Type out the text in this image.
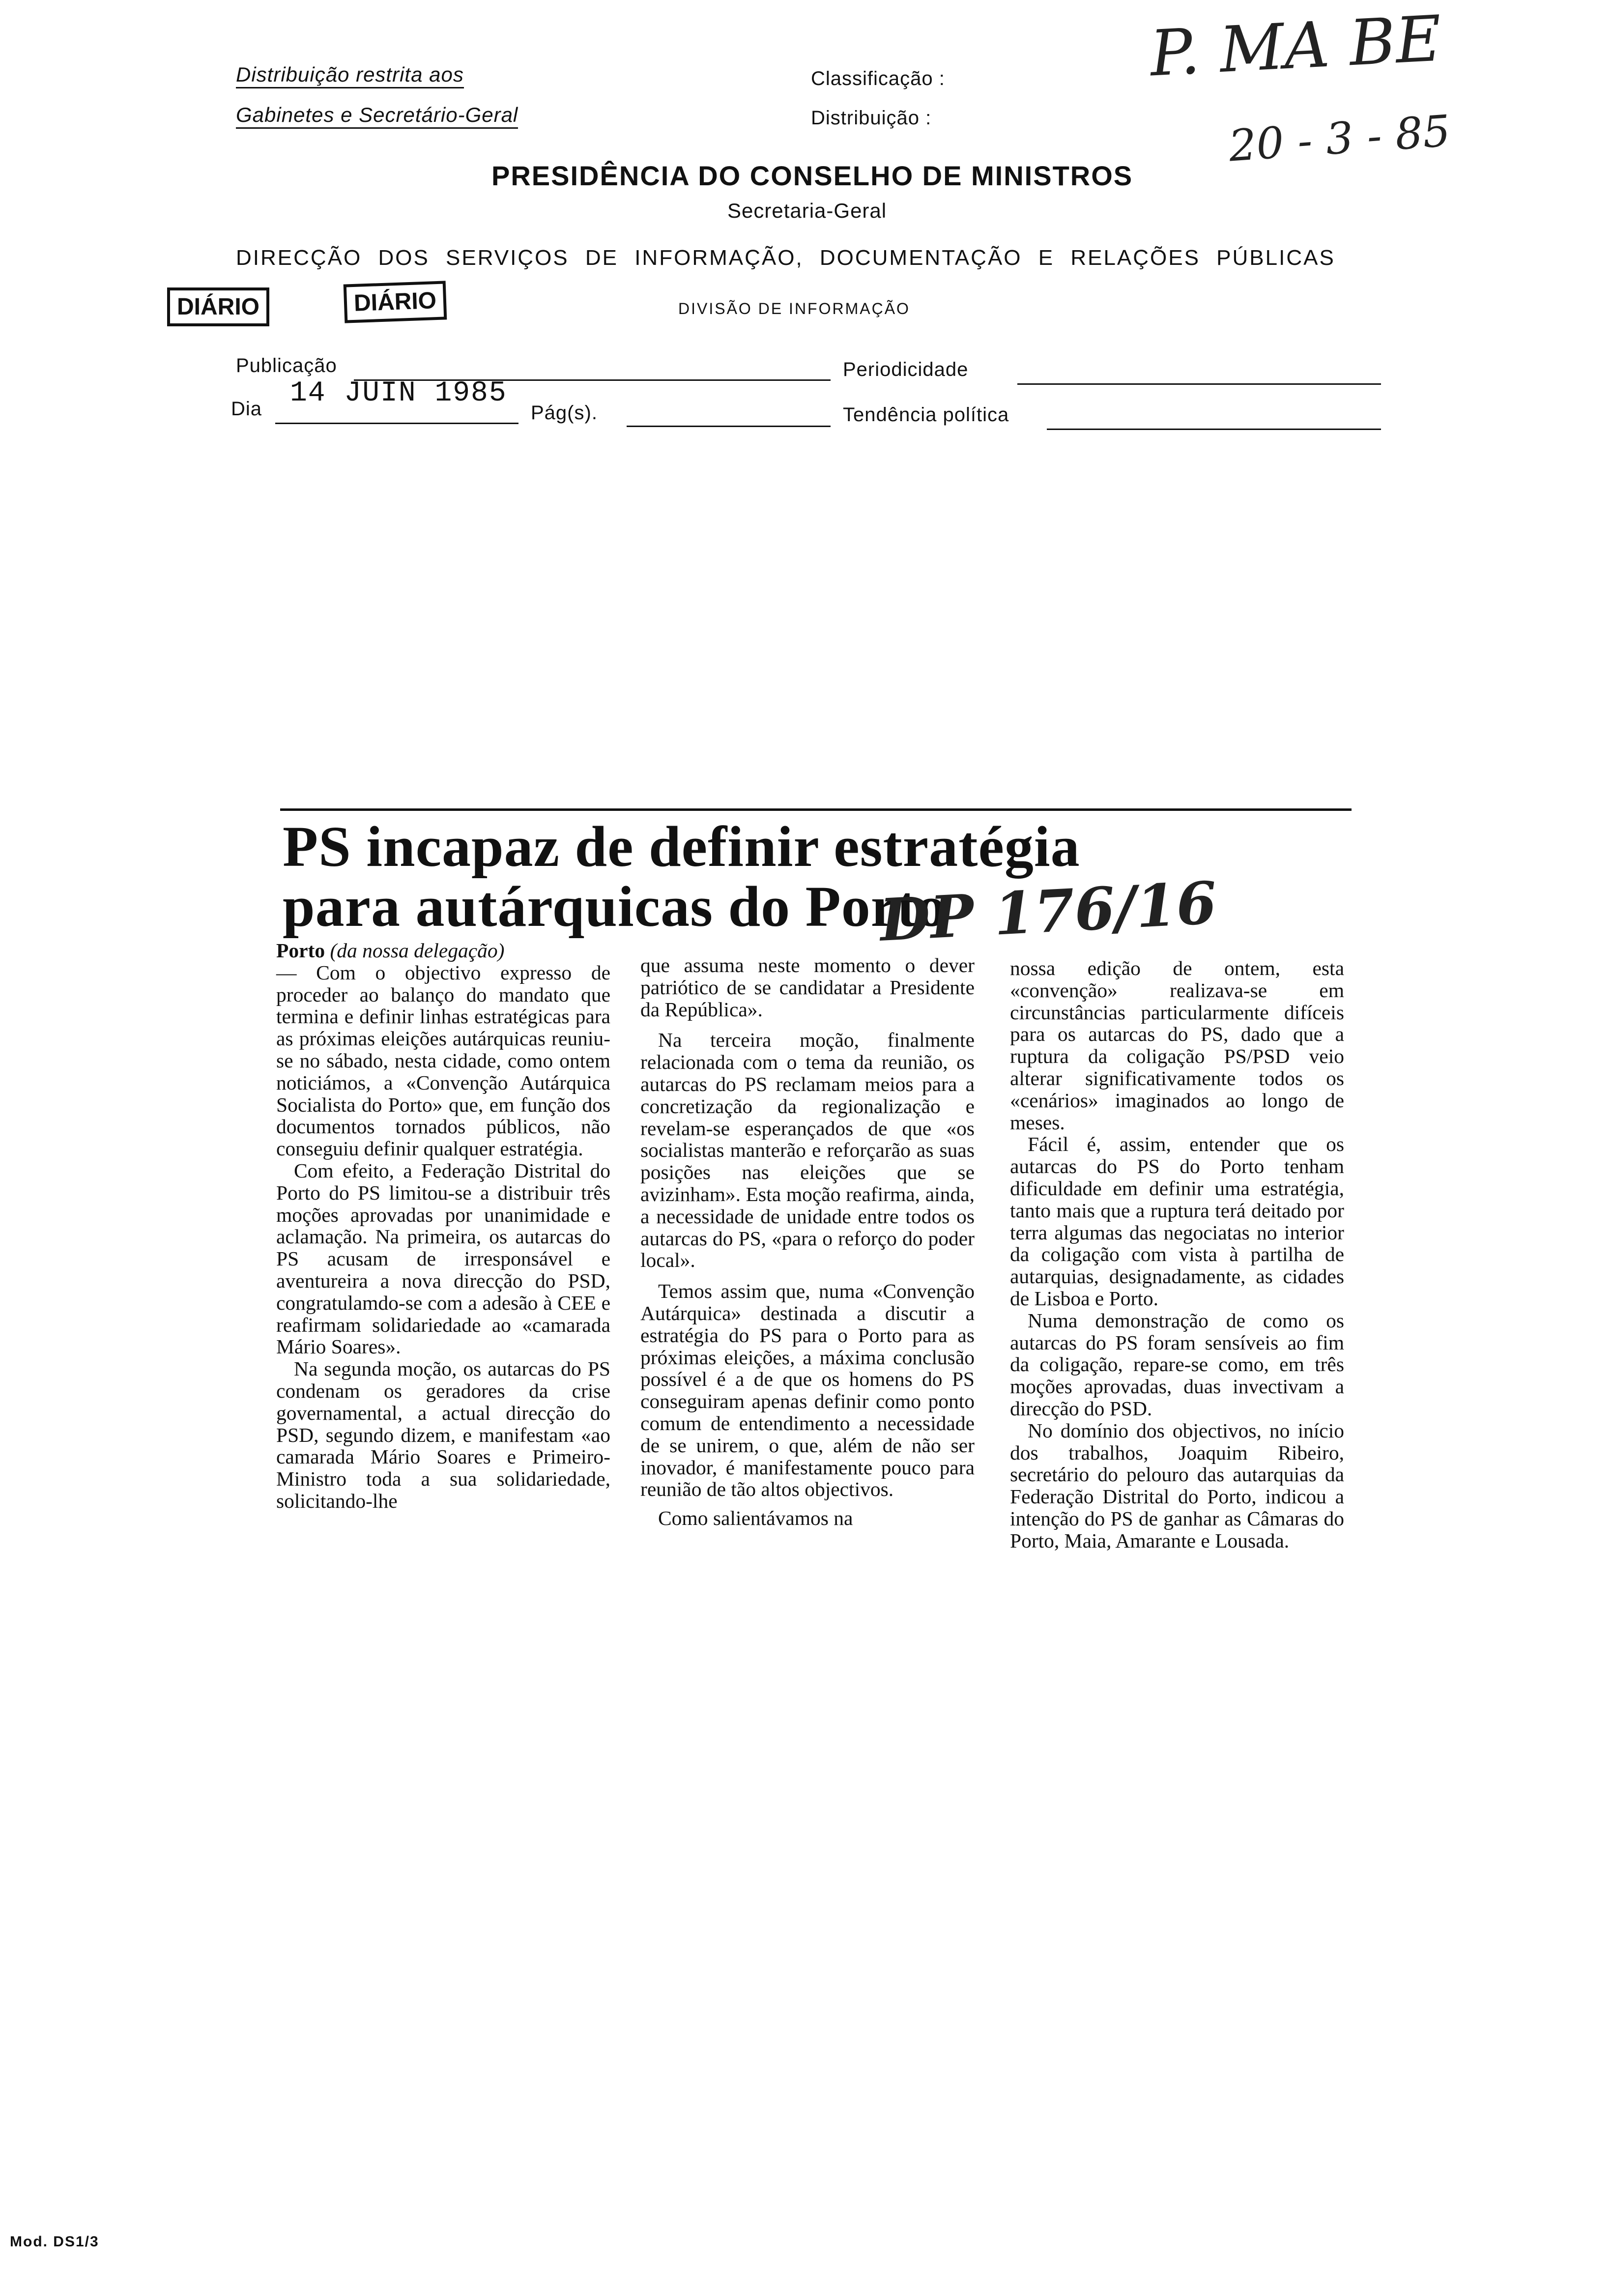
Distribuição restrita aos
Gabinetes e Secretário-Geral
Classificação :
Distribuição :
P. MA BE
20 - 3 - 85
PRESIDÊNCIA DO CONSELHO DE MINISTROS
Secretaria-Geral
DIRECÇÃO DOS SERVIÇOS DE INFORMAÇÃO, DOCUMENTAÇÃO E RELAÇÕES PÚBLICAS
DIÁRIO	DIÁRIO	DIVISÃO DE INFORMAÇÃO
Publicação	Periodicidade
Dia 14 JUIN 1985
Pág(s).	Tendência política
PS incapaz de definir estratégia
para autárquicas do Porto
DP 176/16

Porto (da nossa delegação)

— Com o objectivo expresso de proceder ao balanço do mandato que termina e definir linhas estratégicas para as próximas eleições autárquicas reuniu-se no sábado, nesta cidade, como ontem noticiámos, a «Convenção Autárquica Socialista do Porto» que, em função dos documentos tornados públicos, não conseguiu definir qualquer estratégia.

Com efeito, a Federação Distrital do Porto do PS limitou-se a distribuir três moções aprovadas por unanimidade e aclamação. Na primeira, os autarcas do PS acusam de irresponsável e aventureira a nova direcção do PSD, congratulamdo-se com a adesão à CEE e reafirmam solidariedade ao «camarada Mário Soares».

Na segunda moção, os autarcas do PS condenam os geradores da crise governamental, a actual direcção do PSD, segundo dizem, e manifestam «ao camarada Mário Soares e Primeiro-Ministro toda a sua solidariedade, solicitando-lhe

que assuma neste momento o dever patriótico de se candidatar a Presidente da República».

Na terceira moção, finalmente relacionada com o tema da reunião, os autarcas do PS reclamam meios para a concretização da regionalização e revelam-se esperançados de que «os socialistas manterão e reforçarão as suas posições nas eleições que se avizinham». Esta moção reafirma, ainda, a necessidade de unidade entre todos os autarcas do PS, «para o reforço do poder local».

Temos assim que, numa «Convenção Autárquica» destinada a discutir a estratégia do PS para o Porto para as próximas eleições, a máxima conclusão possível é a de que os homens do PS conseguiram apenas definir como ponto comum de entendimento a necessidade de se unirem, o que, além de não ser inovador, é manifestamente pouco para reunião de tão altos objectivos.

Como salientávamos na

nossa edição de ontem, esta «convenção» realizava-se em circunstâncias particularmente difíceis para os autarcas do PS, dado que a ruptura da coligação PS/PSD veio alterar significativamente todos os «cenários» imaginados ao longo de meses.

Fácil é, assim, entender que os autarcas do PS do Porto tenham dificuldade em definir uma estratégia, tanto mais que a ruptura terá deitado por terra algumas das negociatas no interior da coligação com vista à partilha de autarquias, designadamente, as cidades de Lisboa e Porto.

Numa demonstração de como os autarcas do PS foram sensíveis ao fim da coligação, repare-se como, em três moções aprovadas, duas invectivam a direcção do PSD.

No domínio dos objectivos, no início dos trabalhos, Joaquim Ribeiro, secretário do pelouro das autarquias da Federação Distrital do Porto, indicou a intenção do PS de ganhar as Câmaras do Porto, Maia, Amarante e Lousada.

Mod. DS1/3
